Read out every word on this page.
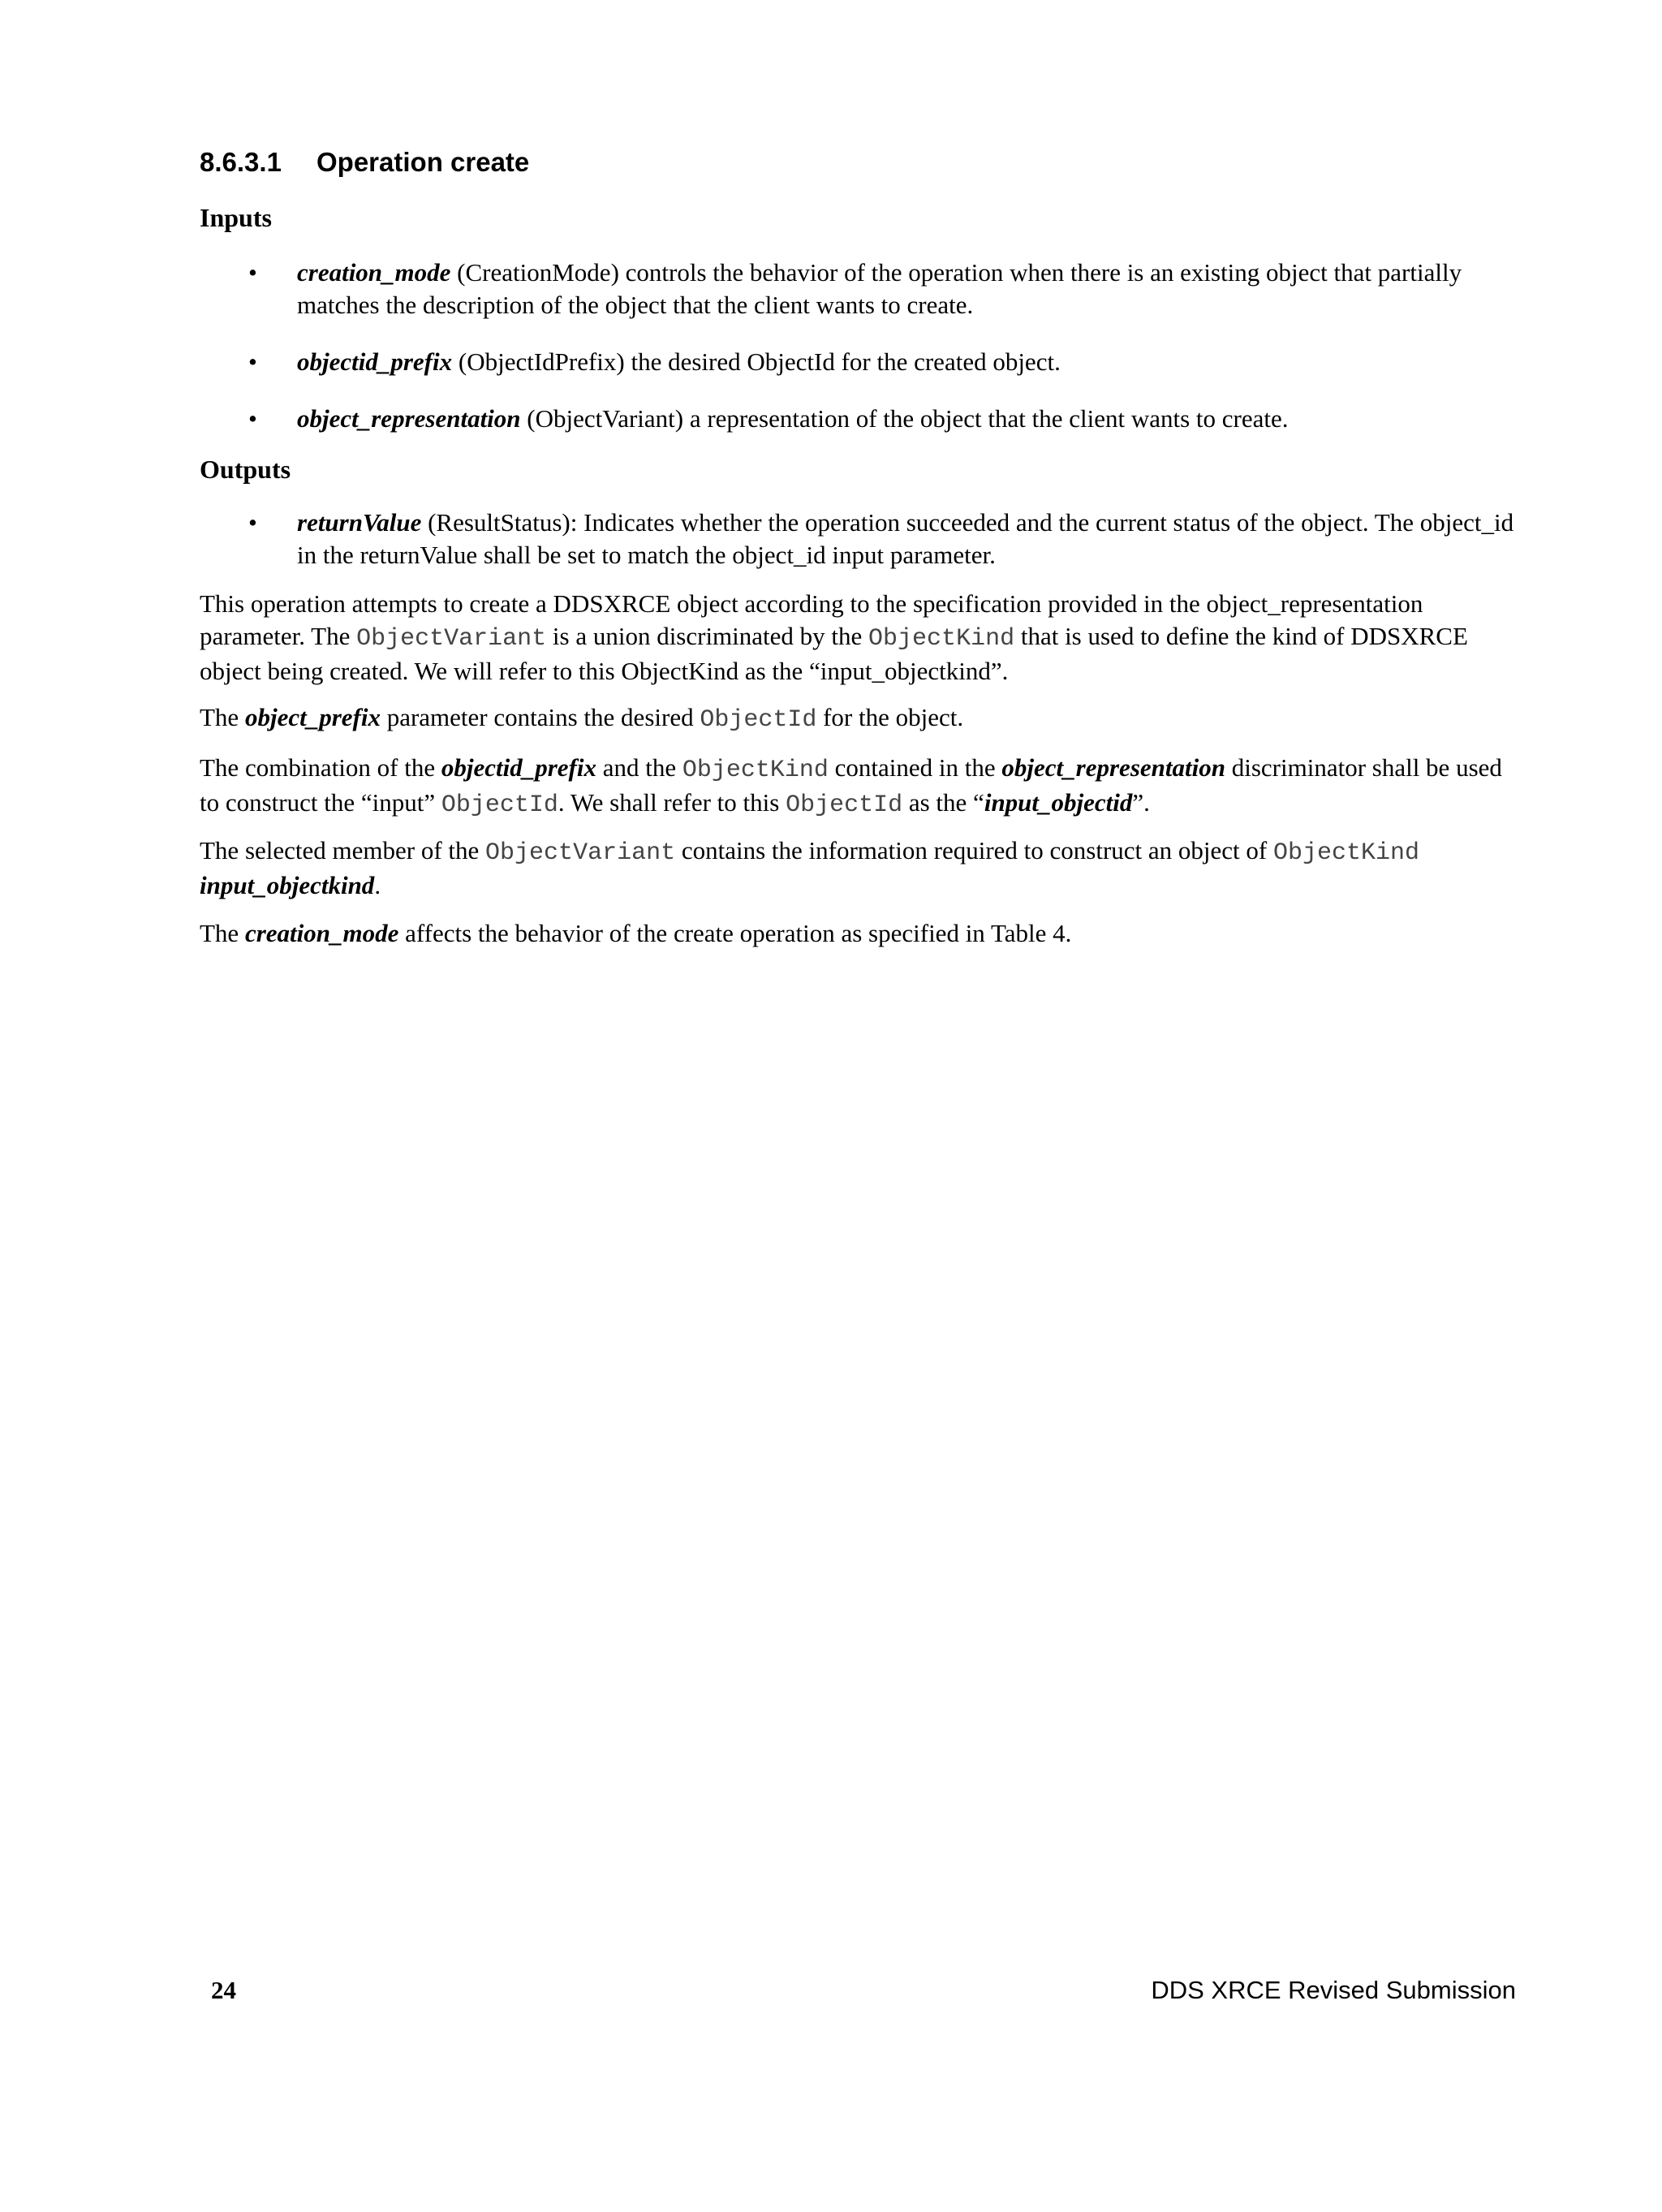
8.6.3.1 Operation create
Inputs
• creation_mode (CreationMode) controls the behavior of the operation when there is an existing object that partially matches the description of the object that the client wants to create.
• objectid_prefix (ObjectIdPrefix) the desired ObjectId for the created object.
• object_representation (ObjectVariant) a representation of the object that the client wants to create.
Outputs
• returnValue (ResultStatus): Indicates whether the operation succeeded and the current status of the object. The object_id in the returnValue shall be set to match the object_id input parameter.

This operation attempts to create a DDSXRCE object according to the specification provided in the object_representation parameter. The ObjectVariant is a union discriminated by the ObjectKind that is used to define the kind of DDSXRCE object being created. We will refer to this ObjectKind as the “input_objectkind”.

The object_prefix parameter contains the desired ObjectId for the object.

The combination of the objectid_prefix and the ObjectKind contained in the object_representation discriminator shall be used to construct the “input” ObjectId. We shall refer to this ObjectId as the “input_objectid”.

The selected member of the ObjectVariant contains the information required to construct an object of ObjectKind input_objectkind.

The creation_mode affects the behavior of the create operation as specified in Table 4.

24	DDS XRCE Revised Submission
